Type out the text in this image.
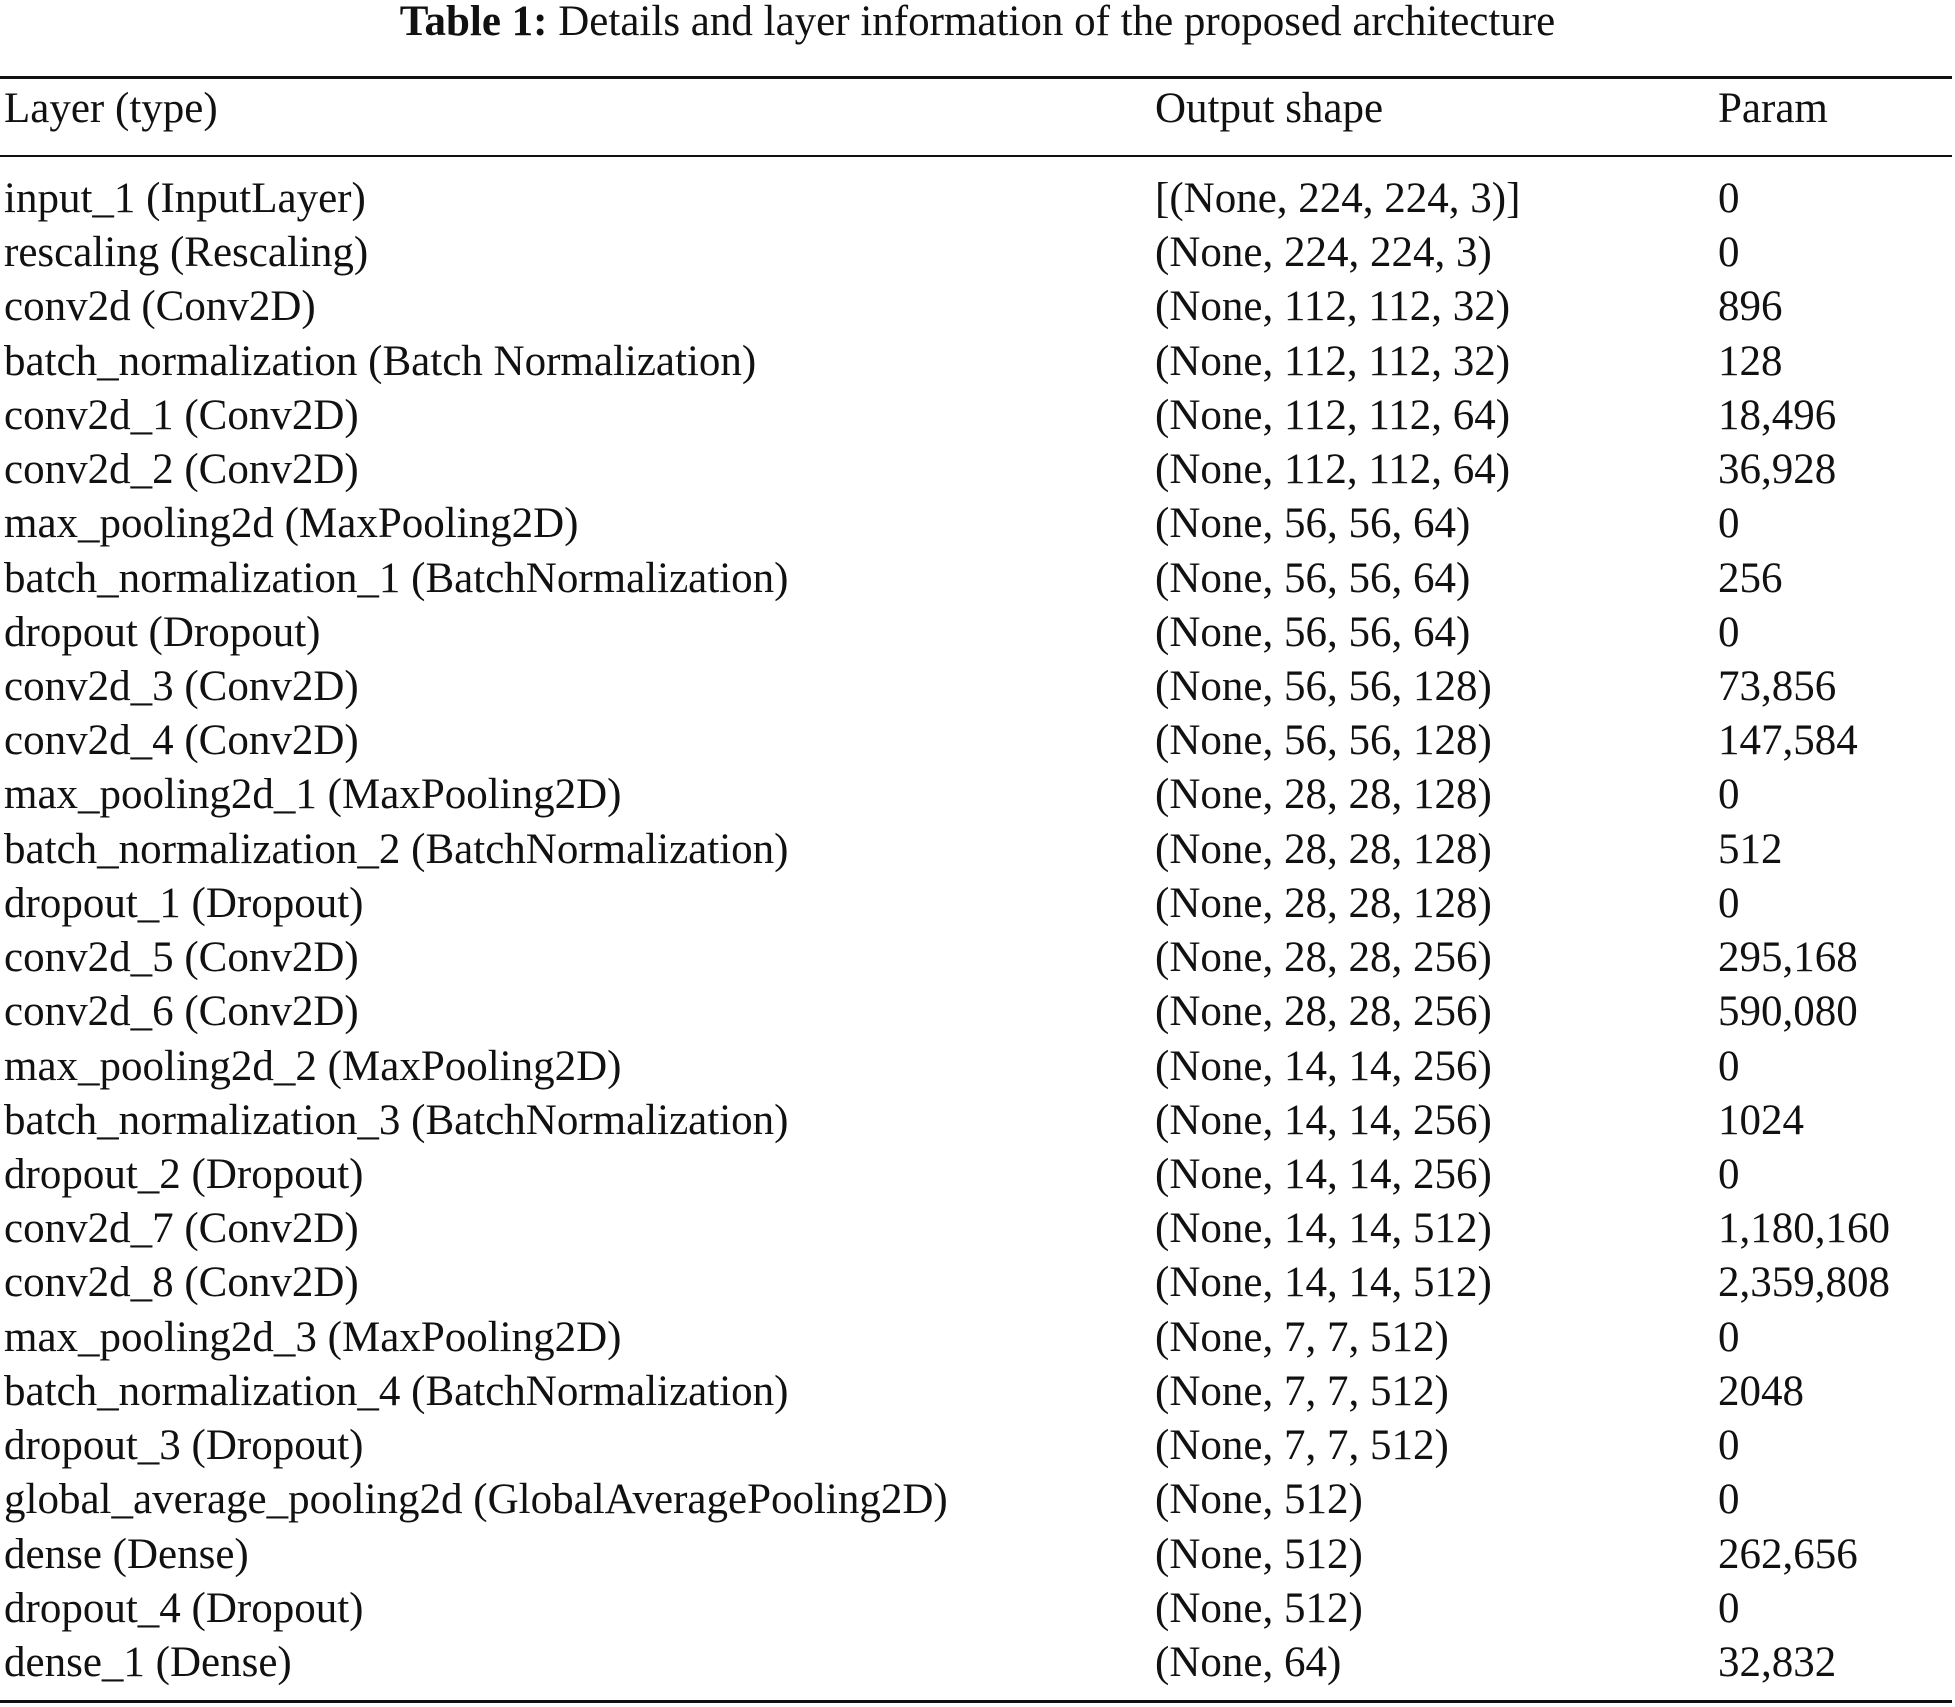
Table 1: Details and layer information of the proposed architecture
Layer (type)	Output shape	Param
input_1 (InputLayer)	[(None, 224, 224, 3)]	0
rescaling (Rescaling)	(None, 224, 224, 3)	0
conv2d (Conv2D)	(None, 112, 112, 32)	896
batch_normalization (Batch Normalization)	(None, 112, 112, 32)	128
conv2d_1 (Conv2D)	(None, 112, 112, 64)	18,496
conv2d_2 (Conv2D)	(None, 112, 112, 64)	36,928
max_pooling2d (MaxPooling2D)	(None, 56, 56, 64)	0
batch_normalization_1 (BatchNormalization)	(None, 56, 56, 64)	256
dropout (Dropout)	(None, 56, 56, 64)	0
conv2d_3 (Conv2D)	(None, 56, 56, 128)	73,856
conv2d_4 (Conv2D)	(None, 56, 56, 128)	147,584
max_pooling2d_1 (MaxPooling2D)	(None, 28, 28, 128)	0
batch_normalization_2 (BatchNormalization)	(None, 28, 28, 128)	512
dropout_1 (Dropout)	(None, 28, 28, 128)	0
conv2d_5 (Conv2D)	(None, 28, 28, 256)	295,168
conv2d_6 (Conv2D)	(None, 28, 28, 256)	590,080
max_pooling2d_2 (MaxPooling2D)	(None, 14, 14, 256)	0
batch_normalization_3 (BatchNormalization)	(None, 14, 14, 256)	1024
dropout_2 (Dropout)	(None, 14, 14, 256)	0
conv2d_7 (Conv2D)	(None, 14, 14, 512)	1,180,160
conv2d_8 (Conv2D)	(None, 14, 14, 512)	2,359,808
max_pooling2d_3 (MaxPooling2D)	(None, 7, 7, 512)	0
batch_normalization_4 (BatchNormalization)	(None, 7, 7, 512)	2048
dropout_3 (Dropout)	(None, 7, 7, 512)	0
global_average_pooling2d (GlobalAveragePooling2D)	(None, 512)	0
dense (Dense)	(None, 512)	262,656
dropout_4 (Dropout)	(None, 512)	0
dense_1 (Dense)	(None, 64)	32,832
